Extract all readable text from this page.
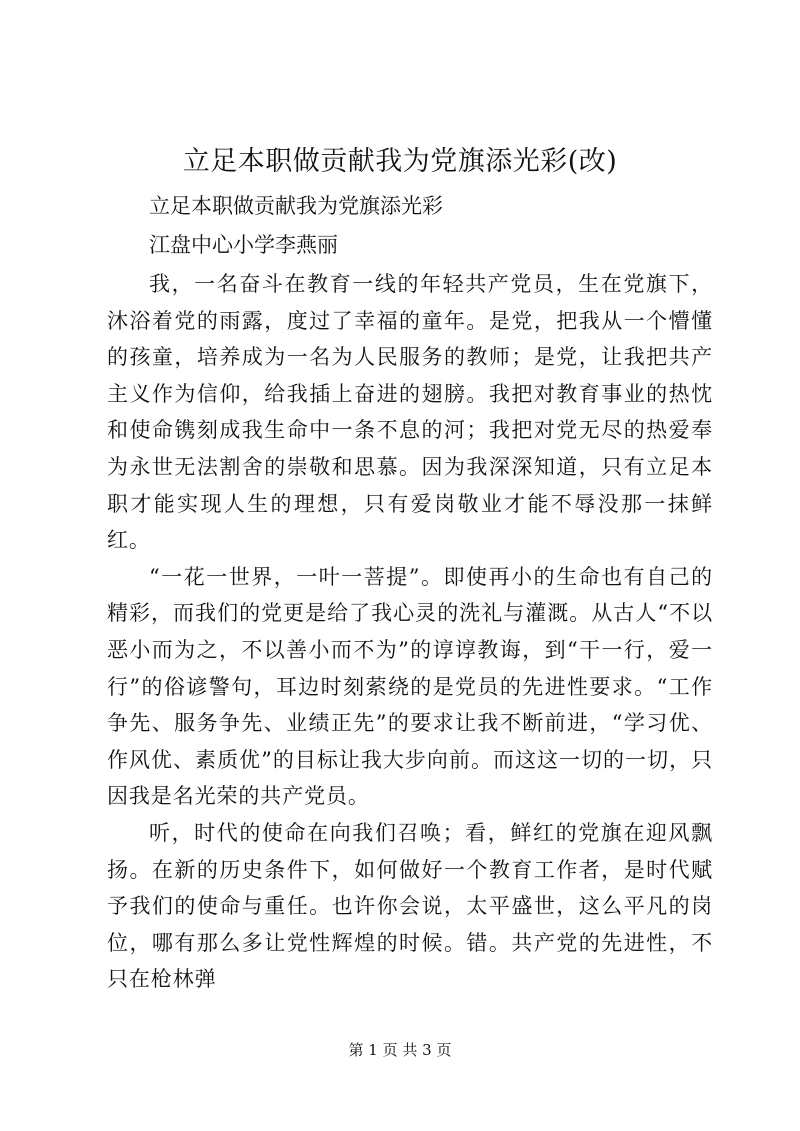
立足本职做贡献我为党旗添光彩(改)

立足本职做贡献我为党旗添光彩

江盘中心小学李燕丽

我，一名奋斗在教育一线的年轻共产党员，生在党旗下，沐浴着党的雨露，度过了幸福的童年。是党，把我从一个懵懂的孩童，培养成为一名为人民服务的教师；是党，让我把共产主义作为信仰，给我插上奋进的翅膀。我把对教育事业的热忱和使命镌刻成我生命中一条不息的河；我把对党无尽的热爱奉为永世无法割舍的崇敬和思慕。因为我深深知道，只有立足本职才能实现人生的理想，只有爱岗敬业才能不辱没那一抹鲜红。

“一花一世界，一叶一菩提”。即使再小的生命也有自己的精彩，而我们的党更是给了我心灵的洗礼与灌溉。从古人“不以恶小而为之，不以善小而不为”的谆谆教诲，到“干一行，爱一行”的俗谚警句，耳边时刻萦绕的是党员的先进性要求。“工作争先、服务争先、业绩正先”的要求让我不断前进，“学习优、作风优、素质优”的目标让我大步向前。而这这一切的一切，只因我是名光荣的共产党员。

听，时代的使命在向我们召唤；看，鲜红的党旗在迎风飘扬。在新的历史条件下，如何做好一个教育工作者，是时代赋予我们的使命与重任。也许你会说，太平盛世，这么平凡的岗位，哪有那么多让党性辉煌的时候。错。共产党的先进性，不只在枪林弹

第 1 页 共 3 页
